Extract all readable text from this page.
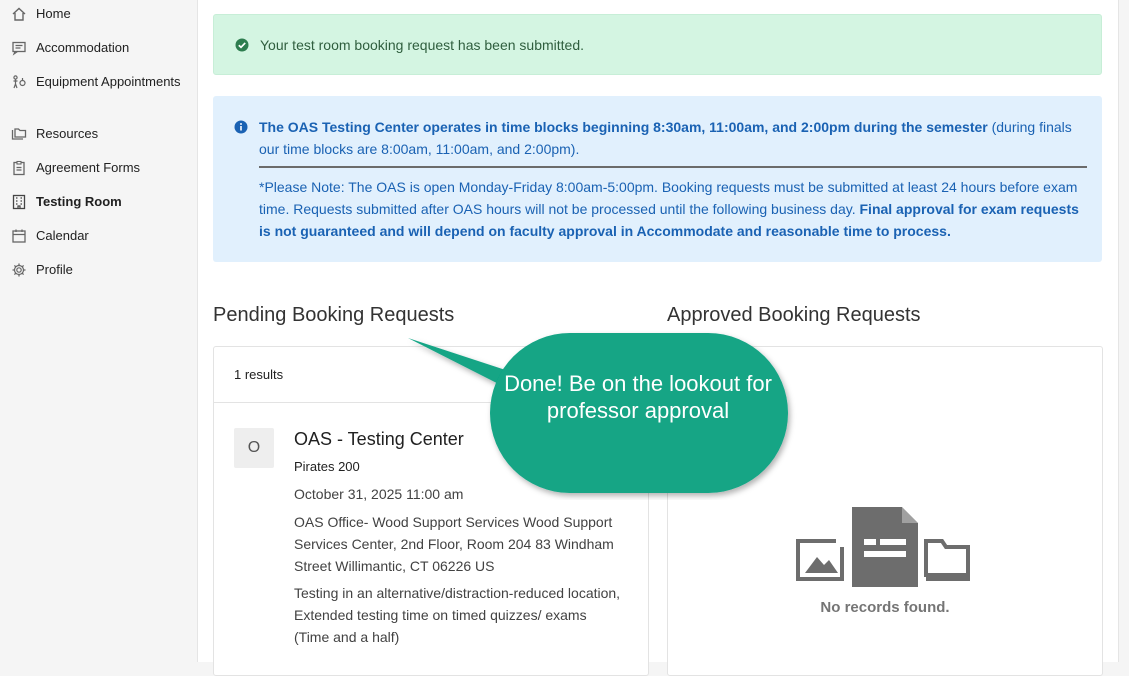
Home
Accommodation
Equipment Appointments
Resources
Agreement Forms
Testing Room
Calendar
Profile
Your test room booking request has been submitted.
The OAS Testing Center operates in time blocks beginning 8:30am, 11:00am, and 2:00pm during the semester (during finals our time blocks are 8:00am, 11:00am, and 2:00pm).
*Please Note: The OAS is open Monday-Friday 8:00am-5:00pm. Booking requests must be submitted at least 24 hours before exam time. Requests submitted after OAS hours will not be processed until the following business day. Final approval for exam requests is not guaranteed and will depend on faculty approval in Accommodate and reasonable time to process.
Pending Booking Requests	Approved Booking Requests
1 results
O	OAS - Testing Center
Pirates 200
October 31, 2025 11:00 am
OAS Office- Wood Support Services Wood Support Services Center, 2nd Floor, Room 204 83 Windham Street Willimantic, CT 06226 US
Testing in an alternative/distraction-reduced location, Extended testing time on timed quizzes/ exams (Time and a half)
No records found.
Done! Be on the lookout for professor approval
